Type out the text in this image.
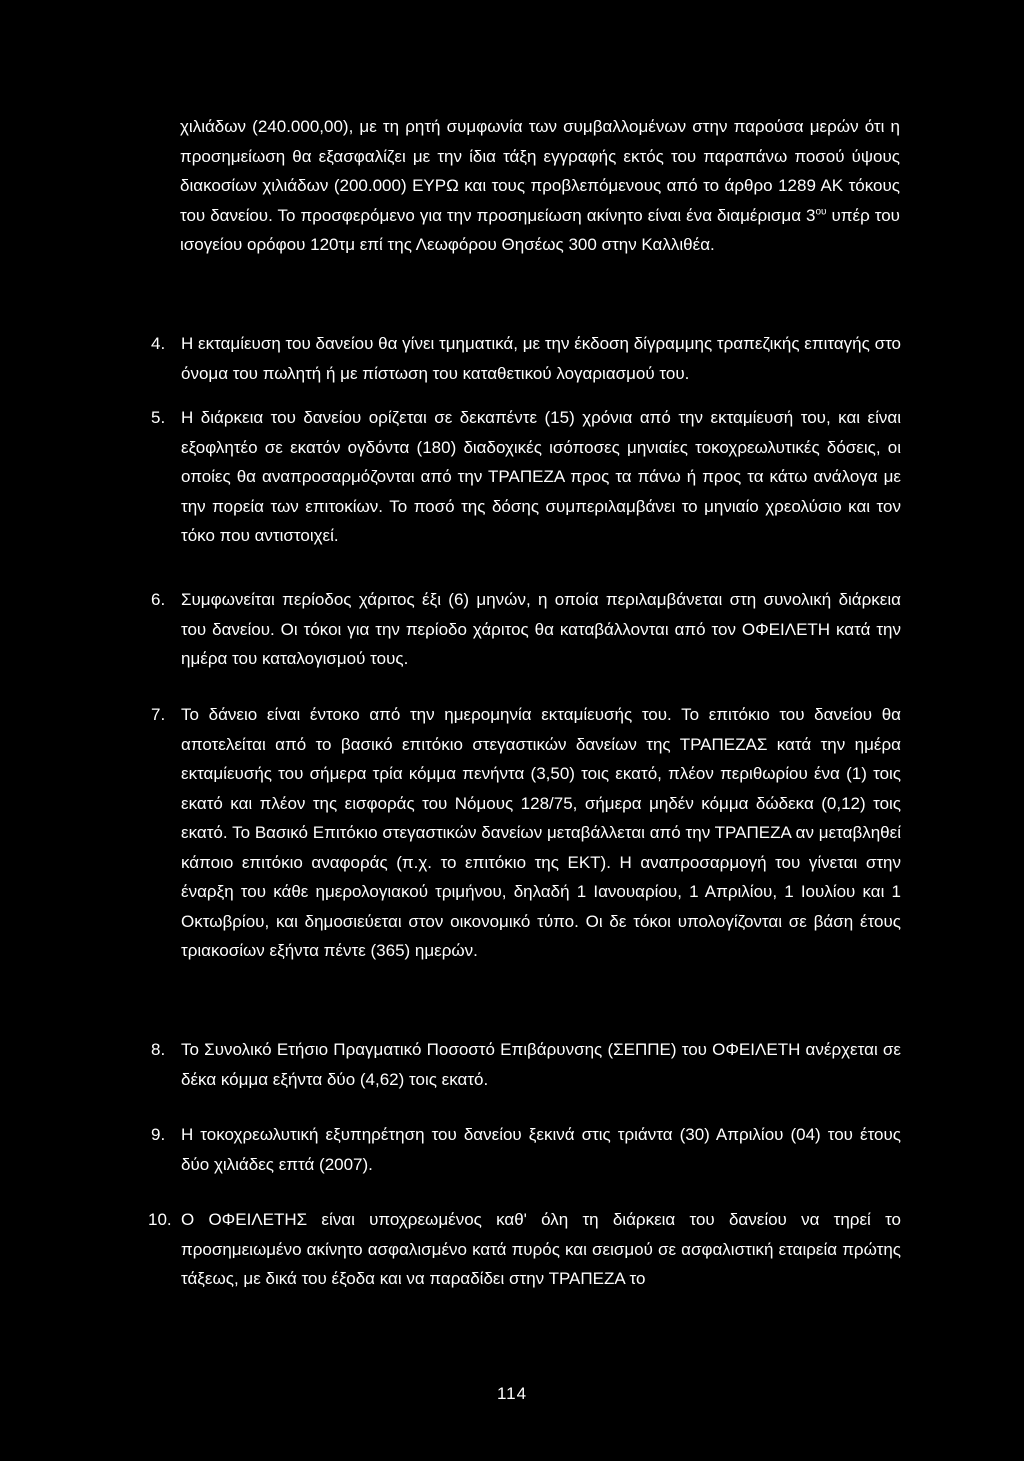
χιλιάδων (240.000,00), με τη ρητή συμφωνία των συμβαλλομένων στην παρούσα μερών ότι η προσημείωση θα εξασφαλίζει με την ίδια τάξη εγγραφής εκτός του παραπάνω ποσού ύψους διακοσίων χιλιάδων (200.000) ΕΥΡΩ και τους προβλεπόμενους από το άρθρο 1289 ΑΚ τόκους του δανείου. Το προσφερόμενο για την προσημείωση ακίνητο είναι ένα διαμέρισμα $3^{o\upsilon}$ υπέρ του ισογείου ορόφου 120τμ επί της Λεωφόρου Θησέως 300 στην Καλλιθέα.

4. Η εκταμίευση του δανείου θα γίνει τμηματικά, με την έκδοση δίγραμμης τραπεζικής επιταγής στο όνομα του πωλητή ή με πίστωση του καταθετικού λογαριασμού του.
5. Η διάρκεια του δανείου ορίζεται σε δεκαπέντε (15) χρόνια από την εκταμίευσή του, και είναι εξοφλητέο σε εκατόν ογδόντα (180) διαδοχικές ισόποσες μηνιαίες τοκοχρεωλυτικές δόσεις, οι οποίες θα αναπροσαρμόζονται από την ΤΡΑΠΕΖΑ προς τα πάνω ή προς τα κάτω ανάλογα με την πορεία των επιτοκίων. Το ποσό της δόσης συμπεριλαμβάνει το μηνιαίο χρεολύσιο και τον τόκο που αντιστοιχεί.
6. Συμφωνείται περίοδος χάριτος έξι (6) μηνών, η οποία περιλαμβάνεται στη συνολική διάρκεια του δανείου. Οι τόκοι για την περίοδο χάριτος θα καταβάλλονται από τον ΟΦΕΙΛΕΤΗ κατά την ημέρα του καταλογισμού τους.
7. Το δάνειο είναι έντοκο από την ημερομηνία εκταμίευσής του. Το επιτόκιο του δανείου θα αποτελείται από το βασικό επιτόκιο στεγαστικών δανείων της ΤΡΑΠΕΖΑΣ κατά την ημέρα εκταμίευσής του σήμερα τρία κόμμα πενήντα (3,50) τοις εκατό, πλέον περιθωρίου ένα (1) τοις εκατό και πλέον της εισφοράς του Νόμους 128/75, σήμερα μηδέν κόμμα δώδεκα (0,12) τοις εκατό. Το Βασικό Επιτόκιο στεγαστικών δανείων μεταβάλλεται από την ΤΡΑΠΕΖΑ αν μεταβληθεί κάποιο επιτόκιο αναφοράς (π.χ. το επιτόκιο της ΕΚΤ). Η αναπροσαρμογή του γίνεται στην έναρξη του κάθε ημερολογιακού τριμήνου, δηλαδή 1 Ιανουαρίου, 1 Απριλίου, 1 Ιουλίου και 1 Οκτωβρίου, και δημοσιεύεται στον οικονομικό τύπο. Οι δε τόκοι υπολογίζονται σε βάση έτους τριακοσίων εξήντα πέντε (365) ημερών.
8. Το Συνολικό Ετήσιο Πραγματικό Ποσοστό Επιβάρυνσης (ΣΕΠΠΕ) του ΟΦΕΙΛΕΤΗ ανέρχεται σε δέκα κόμμα εξήντα δύο (4,62) τοις εκατό.
9. Η τοκοχρεωλυτική εξυπηρέτηση του δανείου ξεκινά στις τριάντα (30) Απριλίου (04) του έτους δύο χιλιάδες επτά (2007).
10. Ο ΟΦΕΙΛΕΤΗΣ είναι υποχρεωμένος καθ' όλη τη διάρκεια του δανείου να τηρεί το προσημειωμένο ακίνητο ασφαλισμένο κατά πυρός και σεισμού σε ασφαλιστική εταιρεία πρώτης τάξεως, με δικά του έξοδα και να παραδίδει στην ΤΡΑΠΕΖΑ το
114
